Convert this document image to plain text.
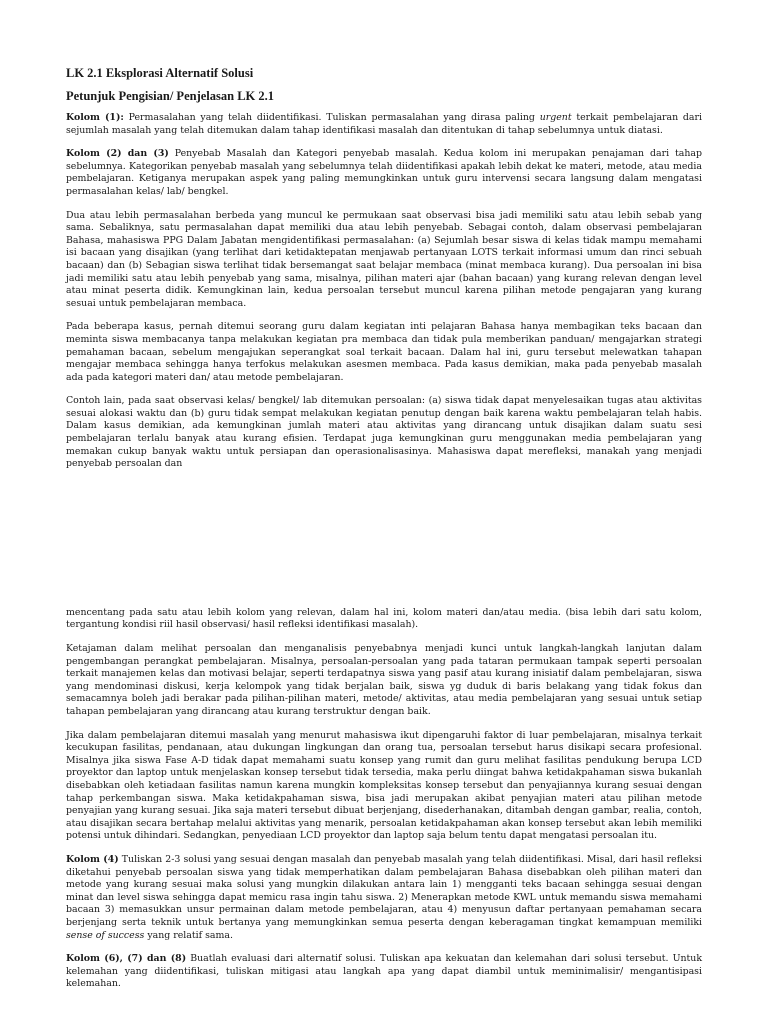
LK 2.1 Eksplorasi Alternatif Solusi
Petunjuk Pengisian/ Penjelasan LK 2.1

Kolom (1): Permasalahan yang telah diidentifikasi. Tuliskan permasalahan yang dirasa paling urgent terkait pembelajaran dari sejumlah masalah yang telah ditemukan dalam tahap identifikasi masalah dan ditentukan di tahap sebelumnya untuk diatasi.

Kolom (2) dan (3) Penyebab Masalah dan Kategori penyebab masalah. Kedua kolom ini merupakan penajaman dari tahap sebelumnya. Kategorikan penyebab masalah yang sebelumnya telah diidentifikasi apakah lebih dekat ke materi, metode, atau media pembelajaran. Ketiganya merupakan aspek yang paling memungkinkan untuk guru intervensi secara langsung dalam mengatasi permasalahan kelas/ lab/ bengkel.

Dua atau lebih permasalahan berbeda yang muncul ke permukaan saat observasi bisa jadi memiliki satu atau lebih sebab yang sama. Sebaliknya, satu permasalahan dapat memiliki dua atau lebih penyebab. Sebagai contoh, dalam observasi pembelajaran Bahasa, mahasiswa PPG Dalam Jabatan mengidentifikasi permasalahan: (a) Sejumlah besar siswa di kelas tidak mampu memahami isi bacaan yang disajikan (yang terlihat dari ketidaktepatan menjawab pertanyaan LOTS terkait informasi umum dan rinci sebuah bacaan) dan (b) Sebagian siswa terlihat tidak bersemangat saat belajar membaca (minat membaca kurang). Dua persoalan ini bisa jadi memiliki satu atau lebih penyebab yang sama, misalnya, pilihan materi ajar (bahan bacaan) yang kurang relevan dengan level atau minat peserta didik. Kemungkinan lain, kedua persoalan tersebut muncul karena pilihan metode pengajaran yang kurang sesuai untuk pembelajaran membaca.

Pada beberapa kasus, pernah ditemui seorang guru dalam kegiatan inti pelajaran Bahasa hanya membagikan teks bacaan dan meminta siswa membacanya tanpa melakukan kegiatan pra membaca dan tidak pula memberikan panduan/ mengajarkan strategi pemahaman bacaan, sebelum mengajukan seperangkat soal terkait bacaan. Dalam hal ini, guru tersebut melewatkan tahapan mengajar membaca sehingga hanya terfokus melakukan asesmen membaca. Pada kasus demikian, maka pada penyebab masalah ada pada kategori materi dan/ atau metode pembelajaran.

Contoh lain, pada saat observasi kelas/ bengkel/ lab ditemukan persoalan: (a) siswa tidak dapat menyelesaikan tugas atau aktivitas sesuai alokasi waktu dan (b) guru tidak sempat melakukan kegiatan penutup dengan baik karena waktu pembelajaran telah habis. Dalam kasus demikian, ada kemungkinan jumlah materi atau aktivitas yang dirancang untuk disajikan dalam suatu sesi pembelajaran terlalu banyak atau kurang efisien. Terdapat juga kemungkinan guru menggunakan media pembelajaran yang memakan cukup banyak waktu untuk persiapan dan operasionalisasinya. Mahasiswa dapat merefleksi, manakah yang menjadi penyebab persoalan dan

mencentang pada satu atau lebih kolom yang relevan, dalam hal ini, kolom materi dan/atau media. (bisa lebih dari satu kolom, tergantung kondisi riil hasil observasi/ hasil refleksi identifikasi masalah).

Ketajaman dalam melihat persoalan dan menganalisis penyebabnya menjadi kunci untuk langkah-langkah lanjutan dalam pengembangan perangkat pembelajaran. Misalnya, persoalan-persoalan yang pada tataran permukaan tampak seperti persoalan terkait manajemen kelas dan motivasi belajar, seperti terdapatnya siswa yang pasif atau kurang inisiatif dalam pembelajaran, siswa yang mendominasi diskusi, kerja kelompok yang tidak berjalan baik, siswa yg duduk di baris belakang yang tidak fokus dan semacamnya boleh jadi berakar pada pilihan-pilihan materi, metode/ aktivitas, atau media pembelajaran yang sesuai untuk setiap tahapan pembelajaran yang dirancang atau kurang terstruktur dengan baik.

Jika dalam pembelajaran ditemui masalah yang menurut mahasiswa ikut dipengaruhi faktor di luar pembelajaran, misalnya terkait kecukupan fasilitas, pendanaan, atau dukungan lingkungan dan orang tua, persoalan tersebut harus disikapi secara profesional. Misalnya jika siswa Fase A-D tidak dapat memahami suatu konsep yang rumit dan guru melihat fasilitas pendukung berupa LCD proyektor dan laptop untuk menjelaskan konsep tersebut tidak tersedia, maka perlu diingat bahwa ketidakpahaman siswa bukanlah disebabkan oleh ketiadaan fasilitas namun karena mungkin kompleksitas konsep tersebut dan penyajiannya kurang sesuai dengan tahap perkembangan siswa. Maka ketidakpahaman siswa, bisa jadi merupakan akibat penyajian materi atau pilihan metode penyajian yang kurang sesuai. Jika saja materi tersebut dibuat berjenjang, disederhanakan, ditambah dengan gambar, realia, contoh, atau disajikan secara bertahap melalui aktivitas yang menarik, persoalan ketidakpahaman akan konsep tersebut akan lebih memiliki potensi untuk dihindari. Sedangkan, penyediaan LCD proyektor dan laptop saja belum tentu dapat mengatasi persoalan itu.

Kolom (4) Tuliskan 2-3 solusi yang sesuai dengan masalah dan penyebab masalah yang telah diidentifikasi. Misal, dari hasil refleksi diketahui penyebab persoalan siswa yang tidak memperhatikan dalam pembelajaran Bahasa disebabkan oleh pilihan materi dan metode yang kurang sesuai maka solusi yang mungkin dilakukan antara lain 1) mengganti teks bacaan sehingga sesuai dengan minat dan level siswa sehingga dapat memicu rasa ingin tahu siswa. 2) Menerapkan metode KWL untuk memandu siswa memahami bacaan 3) memasukkan unsur permainan dalam metode pembelajaran, atau 4) menyusun daftar pertanyaan pemahaman secara berjenjang serta teknik untuk bertanya yang memungkinkan semua peserta dengan keberagaman tingkat kemampuan memiliki sense of success yang relatif sama.

Kolom (6), (7) dan (8) Buatlah evaluasi dari alternatif solusi. Tuliskan apa kekuatan dan kelemahan dari solusi tersebut. Untuk kelemahan yang diidentifikasi, tuliskan mitigasi atau langkah apa yang dapat diambil untuk meminimalisir/ mengantisipasi kelemahan.
